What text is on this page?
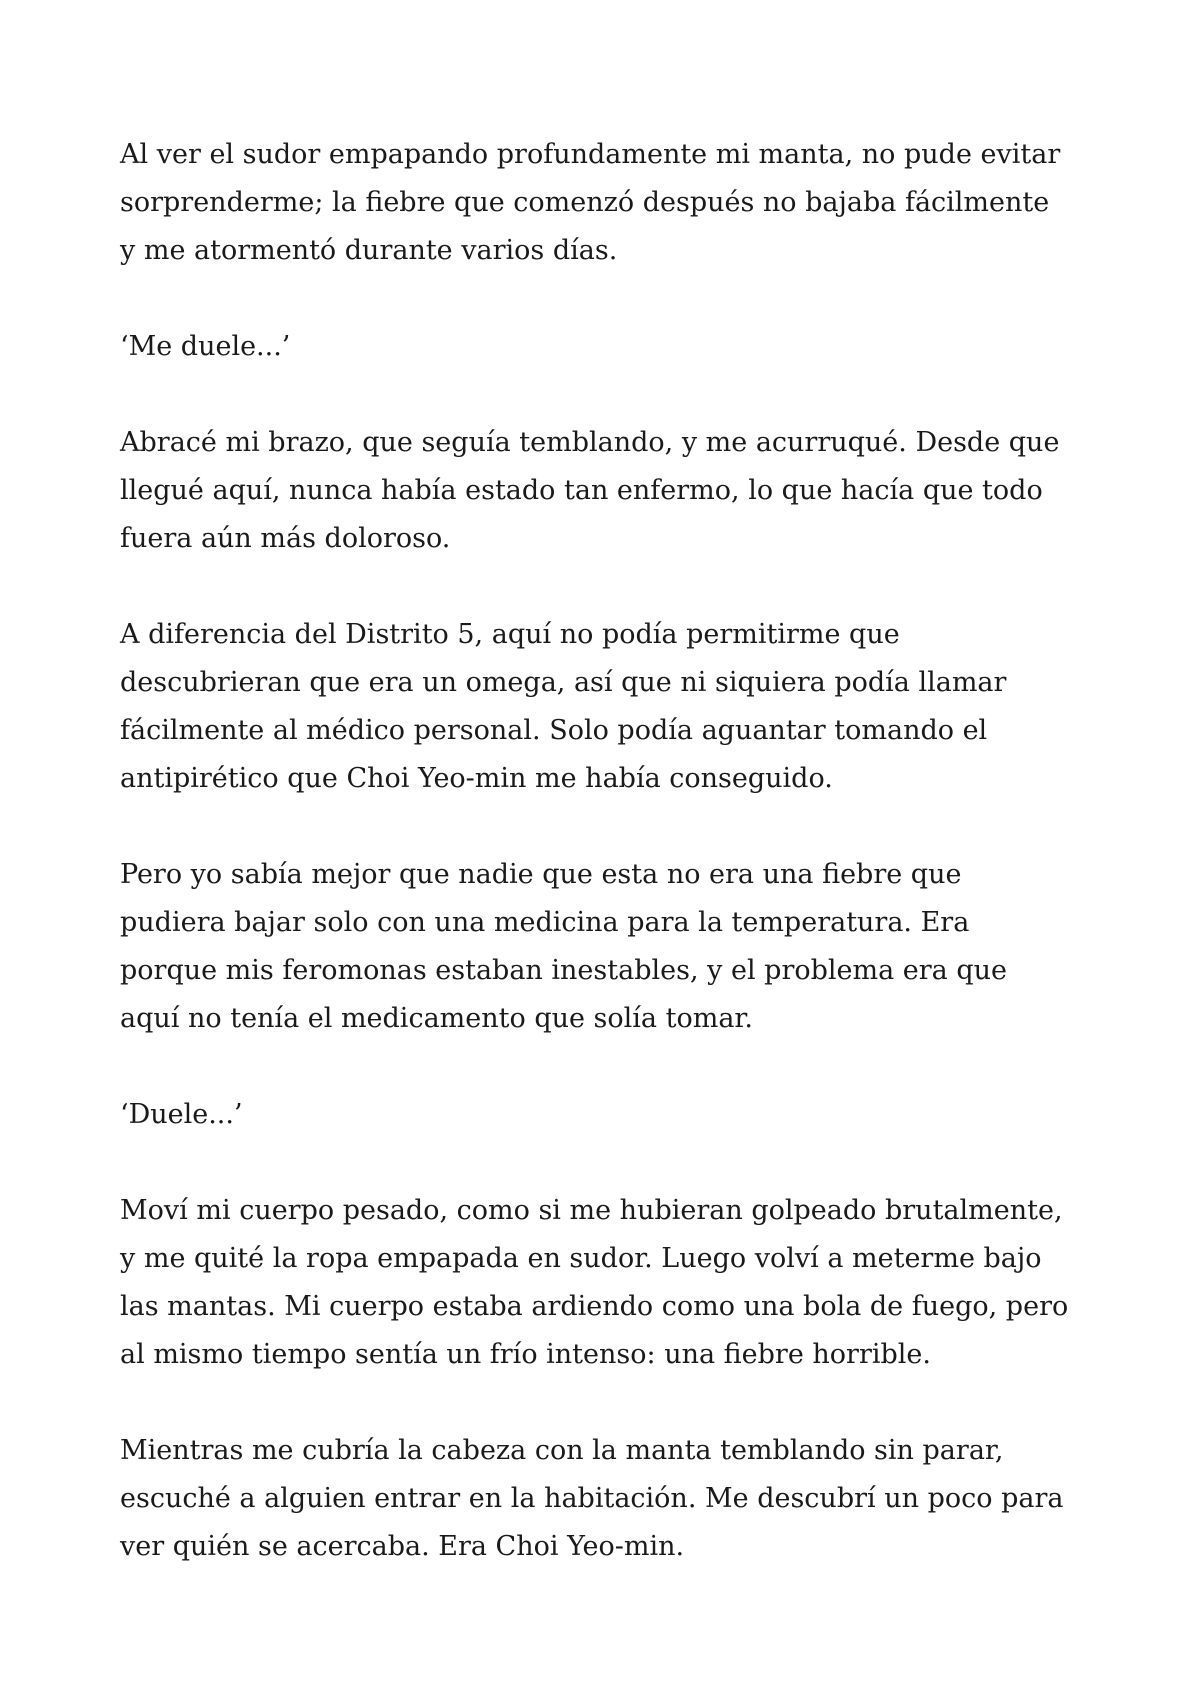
Al ver el sudor empapando profundamente mi manta, no pude evitar
sorprenderme; la fiebre que comenzó después no bajaba fácilmente
y me atormentó durante varios días.

‘Me duele...’

Abracé mi brazo, que seguía temblando, y me acurruqué. Desde que
llegué aquí, nunca había estado tan enfermo, lo que hacía que todo
fuera aún más doloroso.

A diferencia del Distrito 5, aquí no podía permitirme que
descubrieran que era un omega, así que ni siquiera podía llamar
fácilmente al médico personal. Solo podía aguantar tomando el
antipirético que Choi Yeo-min me había conseguido.

Pero yo sabía mejor que nadie que esta no era una fiebre que
pudiera bajar solo con una medicina para la temperatura. Era
porque mis feromonas estaban inestables, y el problema era que
aquí no tenía el medicamento que solía tomar.

‘Duele...’

Moví mi cuerpo pesado, como si me hubieran golpeado brutalmente,
y me quité la ropa empapada en sudor. Luego volví a meterme bajo
las mantas. Mi cuerpo estaba ardiendo como una bola de fuego, pero
al mismo tiempo sentía un frío intenso: una fiebre horrible.

Mientras me cubría la cabeza con la manta temblando sin parar,
escuché a alguien entrar en la habitación. Me descubrí un poco para
ver quién se acercaba. Era Choi Yeo-min.
